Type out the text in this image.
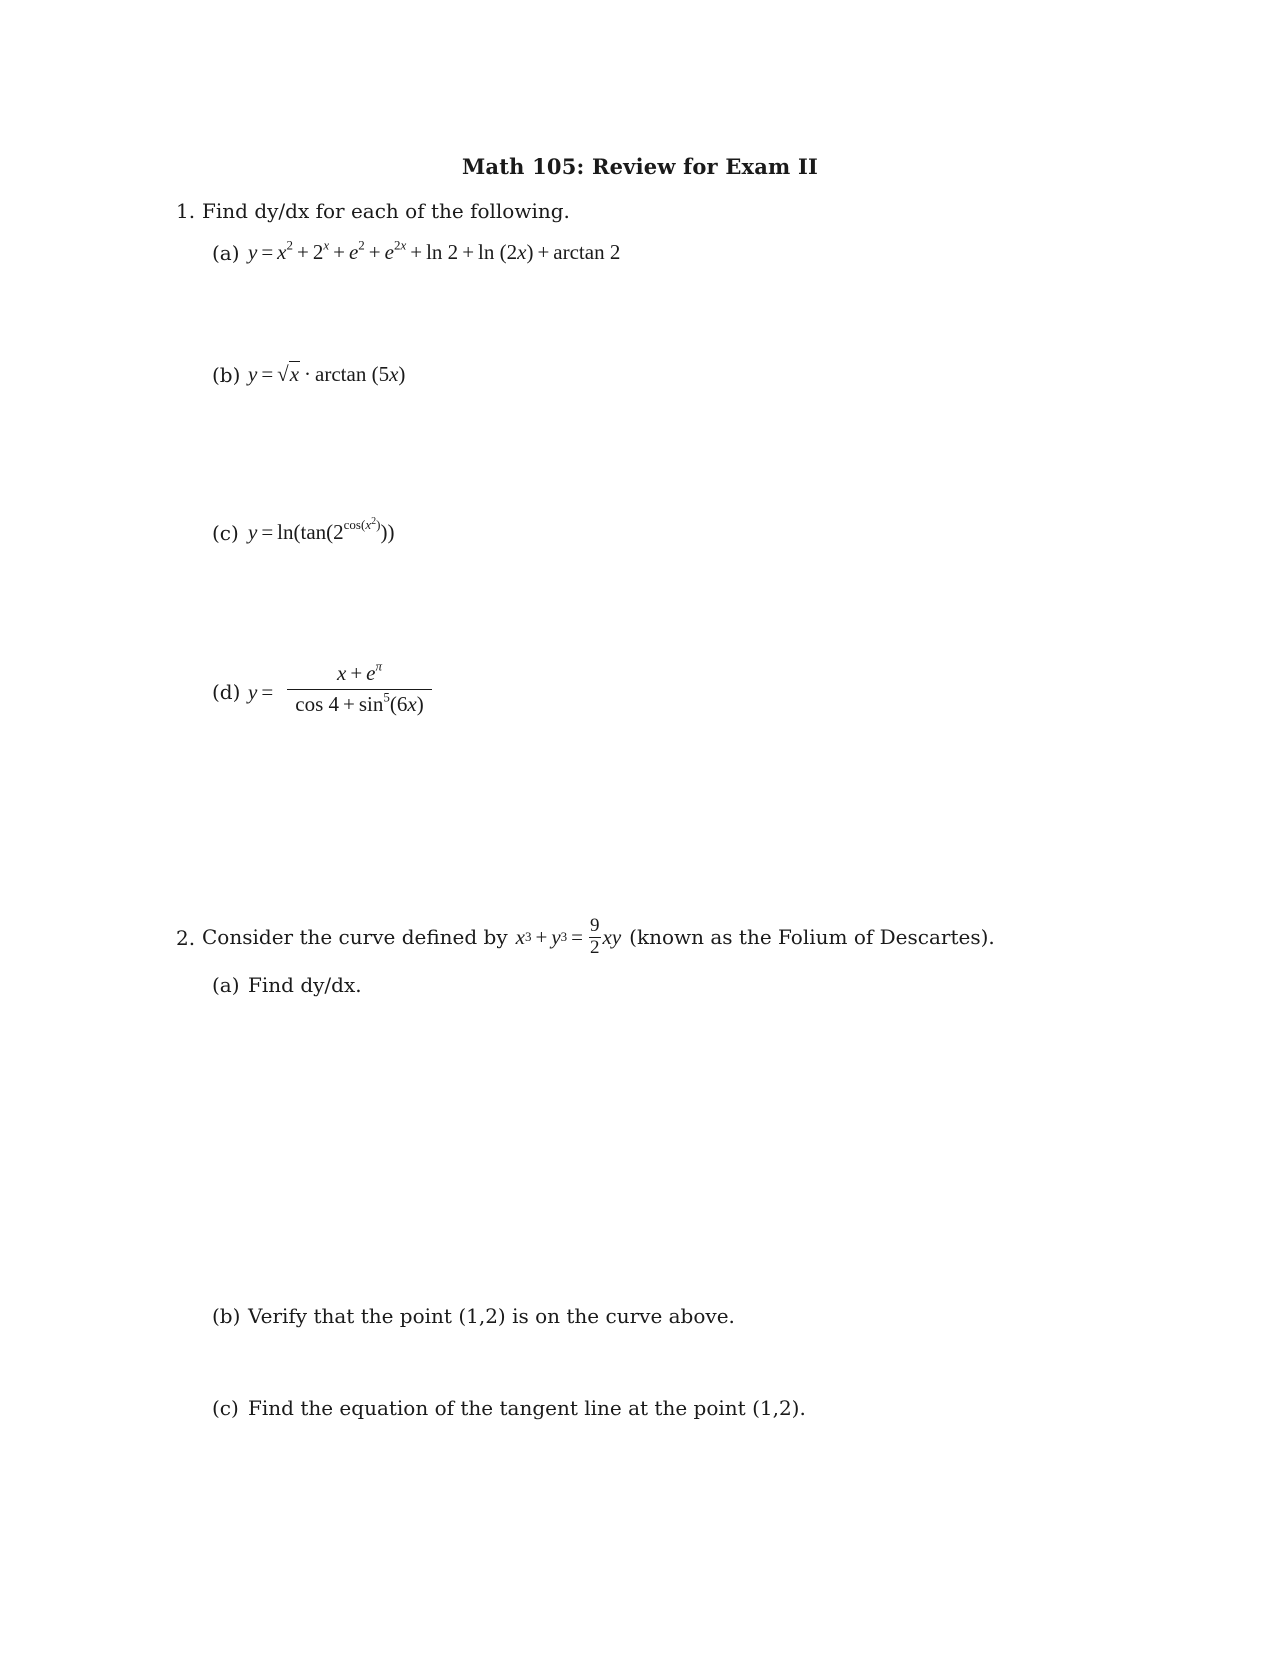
Math 105: Review for Exam II
1. Find dy/dx for each of the following.
(a) $y = x^2 + 2^x + e^2 + e^{2x} + \ln 2 + \ln (2x) + \arctan 2$
(b) y = √x · arctan (5x)
(c) $y = \ln(\tan(2^{cos(x^2)}))$
(d) y =
$x + e^\pi$
$\cos 4 + \sin^5(6x)$
2. Consider the curve defined by x 3 + y $3 = \frac{9}{2}$ xy (known as the Folium of Descartes).
(a) Find dy/dx.
(b) Verify that the point (1,2) is on the curve above.
(c) Find the equation of the tangent line at the point (1,2).
